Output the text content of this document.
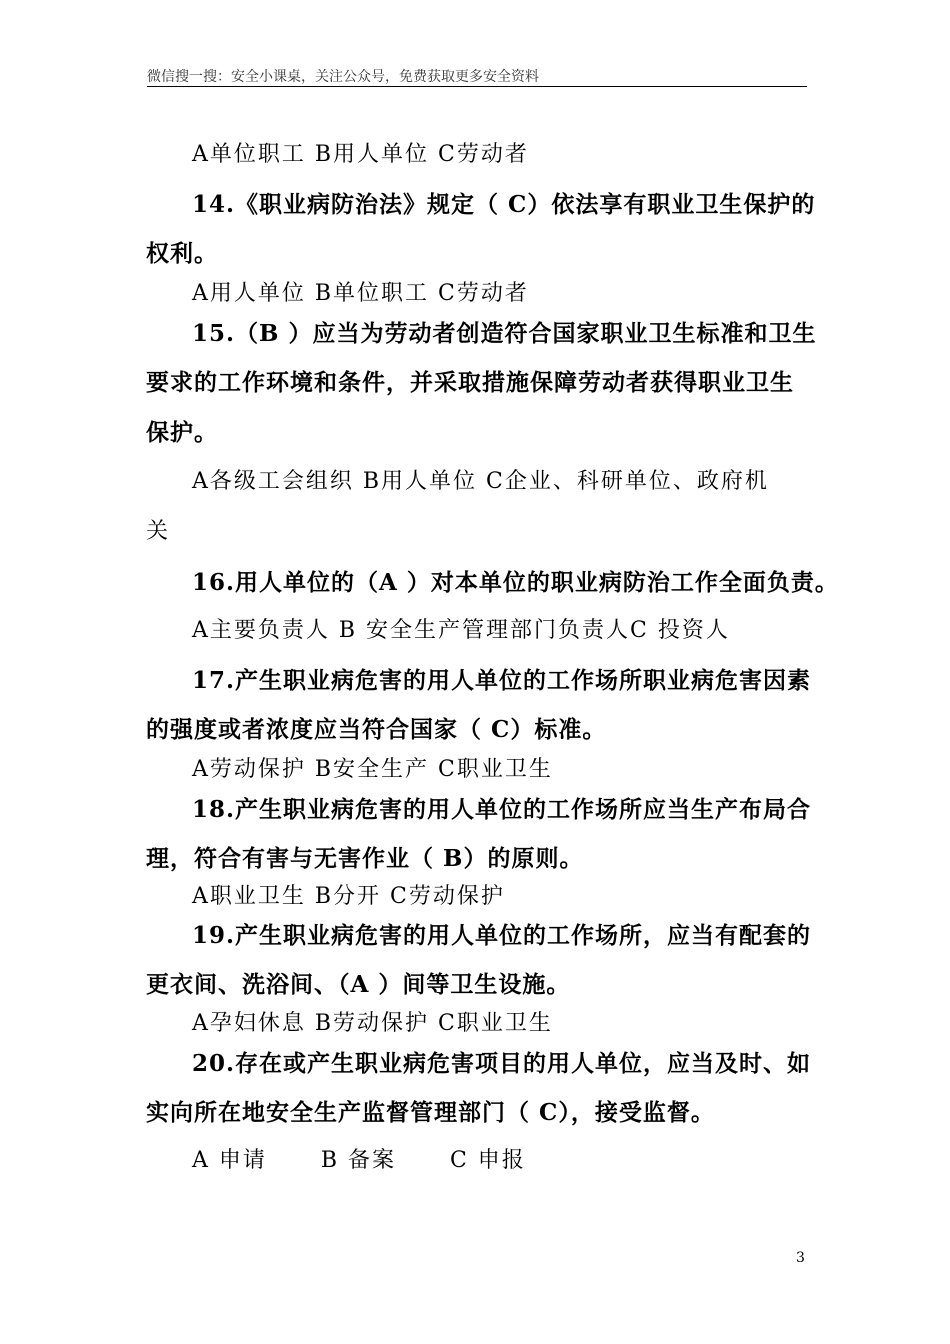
微信搜一搜：安全小课桌，关注公众号，免费获取更多安全资料
A单位职工 B用人单位 C劳动者
14.《职业病防治法》规定（ C）依法享有职业卫生保护的
权利。
A用人单位 B单位职工 C劳动者
15.（B ）应当为劳动者创造符合国家职业卫生标准和卫生
要求的工作环境和条件，并采取措施保障劳动者获得职业卫生
保护。
A各级工会组织 B用人单位 C企业、科研单位、政府机
关
16.用人单位的（A ）对本单位的职业病防治工作全面负责。
A主要负责人 B 安全生产管理部门负责人C 投资人
17.产生职业病危害的用人单位的工作场所职业病危害因素
的强度或者浓度应当符合国家（ C）标准。
A劳动保护 B安全生产 C职业卫生
18.产生职业病危害的用人单位的工作场所应当生产布局合
理，符合有害与无害作业（ B）的原则。
A职业卫生 B分开 C劳动保护
19.产生职业病危害的用人单位的工作场所，应当有配套的
更衣间、洗浴间、（A ）间等卫生设施。
A孕妇休息 B劳动保护 C职业卫生
20.存在或产生职业病危害项目的用人单位，应当及时、如
实向所在地安全生产监督管理部门（ C），接受监督。
A 申请      B 备案      C 申报
3
